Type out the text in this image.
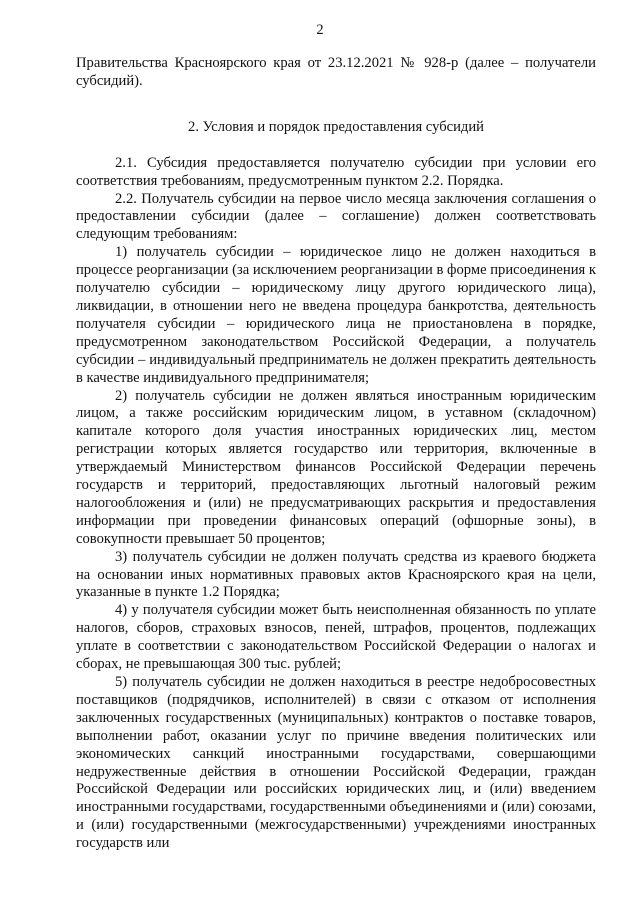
2

Правительства Красноярского края от 23.12.2021 № 928-р (далее – получатели субсидий).

2. Условия и порядок предоставления субсидий

2.1. Субсидия предоставляется получателю субсидии при условии его соответствия требованиям, предусмотренным пунктом 2.2. Порядка.

2.2. Получатель субсидии на первое число месяца заключения соглашения о предоставлении субсидии (далее – соглашение) должен соответствовать следующим требованиям:

1) получатель субсидии – юридическое лицо не должен находиться в процессе реорганизации (за исключением реорганизации в форме присоединения к получателю субсидии – юридическому лицу другого юридического лица), ликвидации, в отношении него не введена процедура банкротства, деятельность получателя субсидии – юридического лица не приостановлена в порядке, предусмотренном законодательством Российской Федерации, а получатель субсидии – индивидуальный предприниматель не должен прекратить деятельность в качестве индивидуального предпринимателя;

2) получатель субсидии не должен являться иностранным юридическим лицом, а также российским юридическим лицом, в уставном (складочном) капитале которого доля участия иностранных юридических лиц, местом регистрации которых является государство или территория, включенные в утверждаемый Министерством финансов Российской Федерации перечень государств и территорий, предоставляющих льготный налоговый режим налогообложения и (или) не предусматривающих раскрытия и предоставления информации при проведении финансовых операций (офшорные зоны), в совокупности превышает 50 процентов;

3) получатель субсидии не должен получать средства из краевого бюджета на основании иных нормативных правовых актов Красноярского края на цели, указанные в пункте 1.2 Порядка;

4) у получателя субсидии может быть неисполненная обязанность по уплате налогов, сборов, страховых взносов, пеней, штрафов, процентов, подлежащих уплате в соответствии с законодательством Российской Федерации о налогах и сборах, не превышающая 300 тыс. рублей;

5) получатель субсидии не должен находиться в реестре недобросовестных поставщиков (подрядчиков, исполнителей) в связи с отказом от исполнения заключенных государственных (муниципальных) контрактов о поставке товаров, выполнении работ, оказании услуг по причине введения политических или экономических санкций иностранными государствами, совершающими недружественные действия в отношении Российской Федерации, граждан Российской Федерации или российских юридических лиц, и (или) введением иностранными государствами, государственными объединениями и (или) союзами, и (или) государственными (межгосударственными) учреждениями иностранных государств или
